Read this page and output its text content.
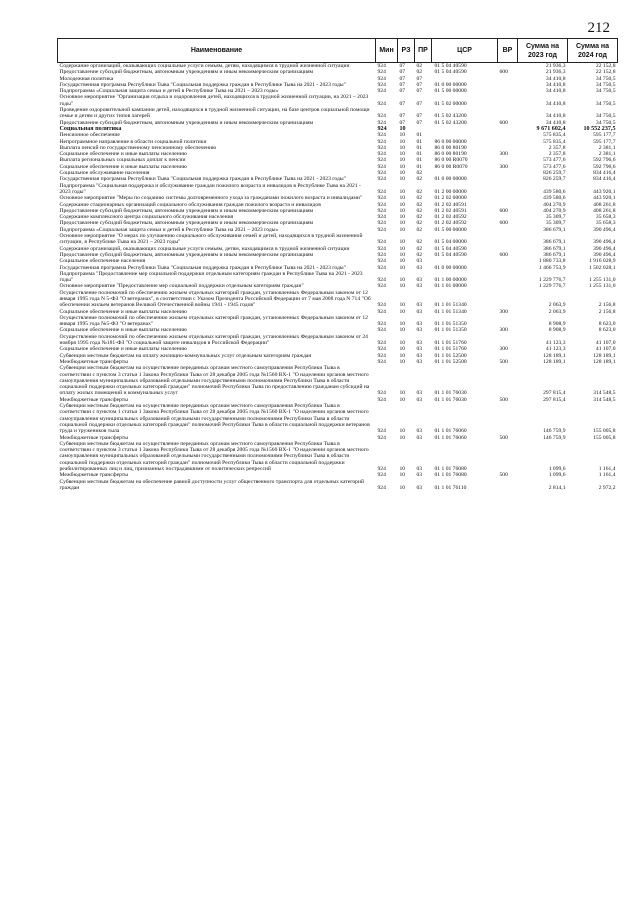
212
Наименование	Мин	РЗ	ПР	ЦСР	ВР	Сумма на 2023 год	Сумма на 2024 год
Содержание организаций, оказывающих социальные услуги семьям, детям, находящимся в трудной жизненной ситуации	924	07	02	01 5 04 40590		21 936,3	22 152,8
Предоставление субсидий бюджетным, автономным учреждениям и иным некоммерческим организациям	924	07	02	01 5 04 40590	600	21 936,3	22 152,8
Молодежная политика	924	07	07			34 410,8	34 750,5
Государственная программа Республики Тыва "Социальная поддержка граждан в Республике Тыва на 2021 - 2023 годы"	924	07	07	01 0 00 00000		34 410,8	34 750,5
Подпрограмма «Социальная защита семьи и детей в Республике Тыва на 2021 – 2023 годы»	924	07	07	01 5 00 00000		34 410,8	34 750,5
Основное мероприятие "Организация отдыха и оздоровления детей, находящихся в трудной жизненной ситуации, на 2021 – 2023 годы"	924	07	07	01 5 02 00000		34 410,8	34 750,5
Проведение оздоровительной кампании детей, находящихся в трудной жизненной ситуации, на базе центров социальной помощи семье и детям и других типов лагерей	924	07	07	01 5 02 43200		34 410,8	34 750,5
Предоставление субсидий бюджетным, автономным учреждениям и иным некоммерческим организациям	924	07	07	01 5 02 43200	600	34 410,8	34 750,5
Социальная политика	924	10				9 671 602,4	10 552 237,5
Пенсионное обеспечение	924	10	01			575 835,4	595 177,7
Непрограммное направление в области социальной политики	924	10	01	86 0 00 00000		575 835,4	595 177,7
Выплата пенсий по государственному пенсионному обеспечению	924	10	01	86 0 00 80190		2 357,8	2 381,1
Социальное обеспечение и иные выплаты населению	924	10	01	86 0 00 80190	300	2 357,8	2 381,1
Выплата региональных социальных доплат к пенсии	924	10	01	86 0 00 R0070		573 477,6	592 796,6
Социальное обеспечение и иные выплаты населению	924	10	01	86 0 00 R0070	300	573 477,6	592 796,6
Социальное обслуживание населения	924	10	02			826 259,7	834 416,4
Государственная программа Республики Тыва "Социальная поддержка граждан в Республике Тыва на 2021 - 2023 годы"	924	10	02	01 0 00 00000		826 259,7	834 416,4
Подпрограмма "Социальная поддержка и обслуживание граждан пожилого возраста и инвалидов в Республике Тыва на 2021 - 2023 годы"	924	10	02	01 2 00 00000		439 580,6	443 920,1
Основное мероприятие "Меры по созданию системы долговременного ухода за гражданами пожилого возраста и инвалидами"	924	10	02	01 2 02 00000		439 580,6	443 920,1
Содержание стационарных организаций социального обслуживания граждан пожилого возраста и инвалидов	924	10	02	01 2 02 40591		404 270,9	408 261,8
Предоставление субсидий бюджетным, автономным учреждениям и иным некоммерческим организациям	924	10	02	01 2 02 40591	600	404 270,9	408 261,8
Содержание комплексного центра социального обслуживания населения	924	10	02	01 2 02 40592		35 309,7	35 658,3
Предоставление субсидий бюджетным, автономным учреждениям и иным некоммерческим организациям	924	10	02	01 2 02 40592	600	35 309,7	35 658,3
Подпрограмма «Социальная защита семьи и детей в Республике Тыва на 2021 – 2023 годы»	924	10	02	01 5 00 00000		386 679,1	390 496,4
Основное мероприятие "О мерах по улучшению социального обслуживания семей и детей, находящихся в трудной жизненной ситуации, в Республике Тыва на 2021 – 2023 годы"	924	10	02	01 5 04 00000		386 679,1	390 496,4
Содержание организаций, оказывающих социальные услуги семьям, детям, находящимся в трудной жизненной ситуации	924	10	02	01 5 04 40590		386 679,1	390 496,4
Предоставление субсидий бюджетным, автономным учреждениям и иным некоммерческим организациям	924	10	02	01 5 04 40590	600	386 679,1	390 496,4
Социальное обеспечение населения	924	10	03			1 880 733,8	1 916 028,9
Государственная программа Республики Тыва "Социальная поддержка граждан в Республике Тыва на 2021 - 2023 годы"	924	10	03	01 0 00 00000		1 466 753,9	1 502 028,1
Подпрограмма "Предоставление мер социальной поддержки отдельным категориям граждан в Республике Тыва на 2021 - 2023 годы"	924	10	03	01 1 00 00000		1 229 776,7	1 255 131,0
Основное мероприятие "Предоставление мер социальной поддержки отдельным категориям граждан"	924	10	03	01 1 01 00000		1 229 776,7	1 255 131,0
Осуществление полномочий по обеспечению жильем отдельных категорий граждан, установленных Федеральным законом от 12 января 1995 года N 5-ФЗ "О ветеранах", в соответствии с Указом Президента Российской Федерации от 7 мая 2008 года N 714 "Об обеспечении жильем ветеранов Великой Отечественной войны 1941 - 1945 годов"	924	10	03	01 1 01 51340		2 063,9	2 156,8
Социальное обеспечение и иные выплаты населению	924	10	03	01 1 01 51340	300	2 063,9	2 156,8
Осуществление полномочий по обеспечению жильем отдельных категорий граждан, установленных Федеральным законом от 12 января 1995 года №5-ФЗ "О ветеранах"	924	10	03	01 1 01 51350		8 908,9	8 623,0
Социальное обеспечение и иные выплаты населению	924	10	03	01 1 01 51350	300	8 908,9	8 623,0
Осуществление полномочий по обеспечению жильем отдельных категорий граждан, установленных Федеральным законом от 24 ноября 1995 года №181-ФЗ "О социальной защите инвалидов в Российской Федерации"	924	10	03	01 1 01 51760		41 123,3	41 107,0
Социальное обеспечение и иные выплаты населению	924	10	03	01 1 01 51760	300	41 123,3	41 107,0
Субвенции местным бюджетам на оплату жилищно-коммунальных услуг отдельным категориям граждан	924	10	03	01 1 01 52500		128 189,1	128 189,1
Межбюджетные трансферты	924	10	03	01 1 01 52500	500	128 189,1	128 189,1
Субвенции местным бюджетам на осуществление переданных органам местного самоуправления Республики Тыва в соответствии с пунктом 3 статьи 1 Закона Республики Тыва от 28 декабря 2005 года №1560 ВХ-1 "О наделении органов местного самоуправления муниципальных образований отдельными государственными полномочиями Республики Тыва в области социальной поддержки отдельных категорий граждан" полномочий Республики Тыва по предоставлению гражданам субсидий на оплату жилых помещений и коммунальных услуг	924	10	03	01 1 01 76030		297 815,4	314 548,5
Межбюджетные трансферты	924	10	03	01 1 01 76030	500	297 815,4	314 548,5
Субвенции местным бюджетам на осуществление переданных органам местного самоуправления Республики Тыва в соответствии с пунктом 1 статьи 1 Закона Республики Тыва от 28 декабря 2005 года №1560 ВХ-1 "О наделении органов местного самоуправления муниципальных образований отдельными государственными полномочиями Республики Тыва в области социальной поддержки отдельных категорий граждан" полномочий Республики Тыва в области социальной поддержки ветеранов труда и тружеников тыла	924	10	03	01 1 01 76060		146 759,9	155 005,8
Межбюджетные трансферты	924	10	03	01 1 01 76060	500	146 759,9	155 005,8
Субвенции местным бюджетам на осуществление переданных органам местного самоуправления Республики Тыва в соответствии с пунктом 3 статьи 1 Закона Республики Тыва от 28 декабря 2005 года №1560 ВХ-1 "О наделении органов местного самоуправления муниципальных образований отдельными государственными полномочиями Республики Тыва в области социальной поддержки отдельных категорий граждан" полномочий Республики Тыва в области социальной поддержки реабилитированных лиц и лиц, признанных пострадавшими от политических репрессий	924	10	03	01 1 01 76080		1 099,6	1 161,4
Межбюджетные трансферты	924	10	03	01 1 01 76080	500	1 099,6	1 161,4
Субвенции местным бюджетам на обеспечение равной доступности услуг общественного транспорта для отдельных категорий граждан	924	10	03	01 1 01 76110		2 814,1	2 972,2
